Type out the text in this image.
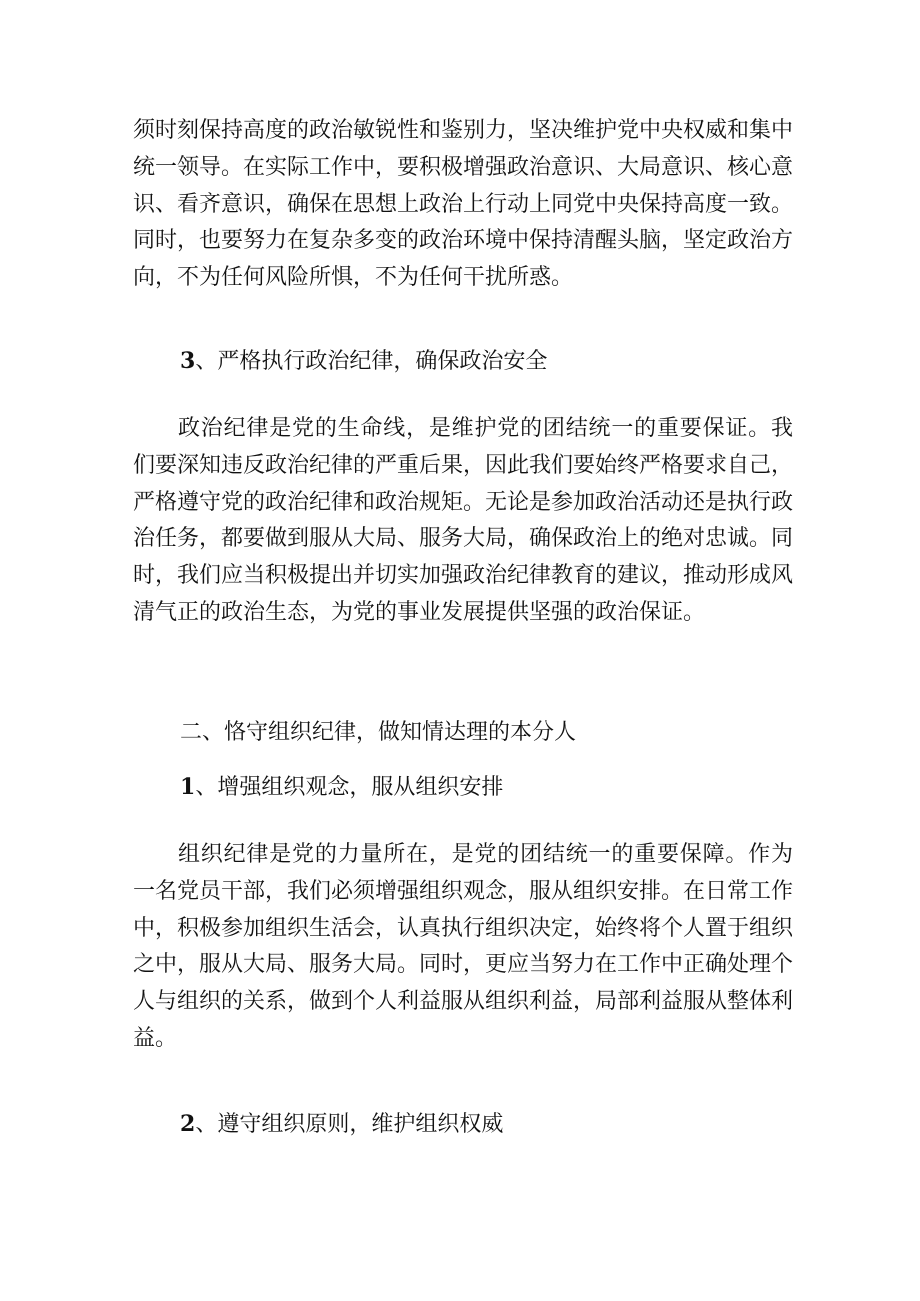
须时刻保持高度的政治敏锐性和鉴别力，坚决维护党中央权威和集中统一领导。在实际工作中，要积极增强政治意识、大局意识、核心意识、看齐意识，确保在思想上政治上行动上同党中央保持高度一致。同时，也要努力在复杂多变的政治环境中保持清醒头脑，坚定政治方向，不为任何风险所惧，不为任何干扰所惑。

3、严格执行政治纪律，确保政治安全

政治纪律是党的生命线，是维护党的团结统一的重要保证。我们要深知违反政治纪律的严重后果，因此我们要始终严格要求自己，严格遵守党的政治纪律和政治规矩。无论是参加政治活动还是执行政治任务，都要做到服从大局、服务大局，确保政治上的绝对忠诚。同时，我们应当积极提出并切实加强政治纪律教育的建议，推动形成风清气正的政治生态，为党的事业发展提供坚强的政治保证。

二、恪守组织纪律，做知情达理的本分人

1、增强组织观念，服从组织安排

组织纪律是党的力量所在，是党的团结统一的重要保障。作为一名党员干部，我们必须增强组织观念，服从组织安排。在日常工作中，积极参加组织生活会，认真执行组织决定，始终将个人置于组织之中，服从大局、服务大局。同时，更应当努力在工作中正确处理个人与组织的关系，做到个人利益服从组织利益，局部利益服从整体利益。

2、遵守组织原则，维护组织权威
